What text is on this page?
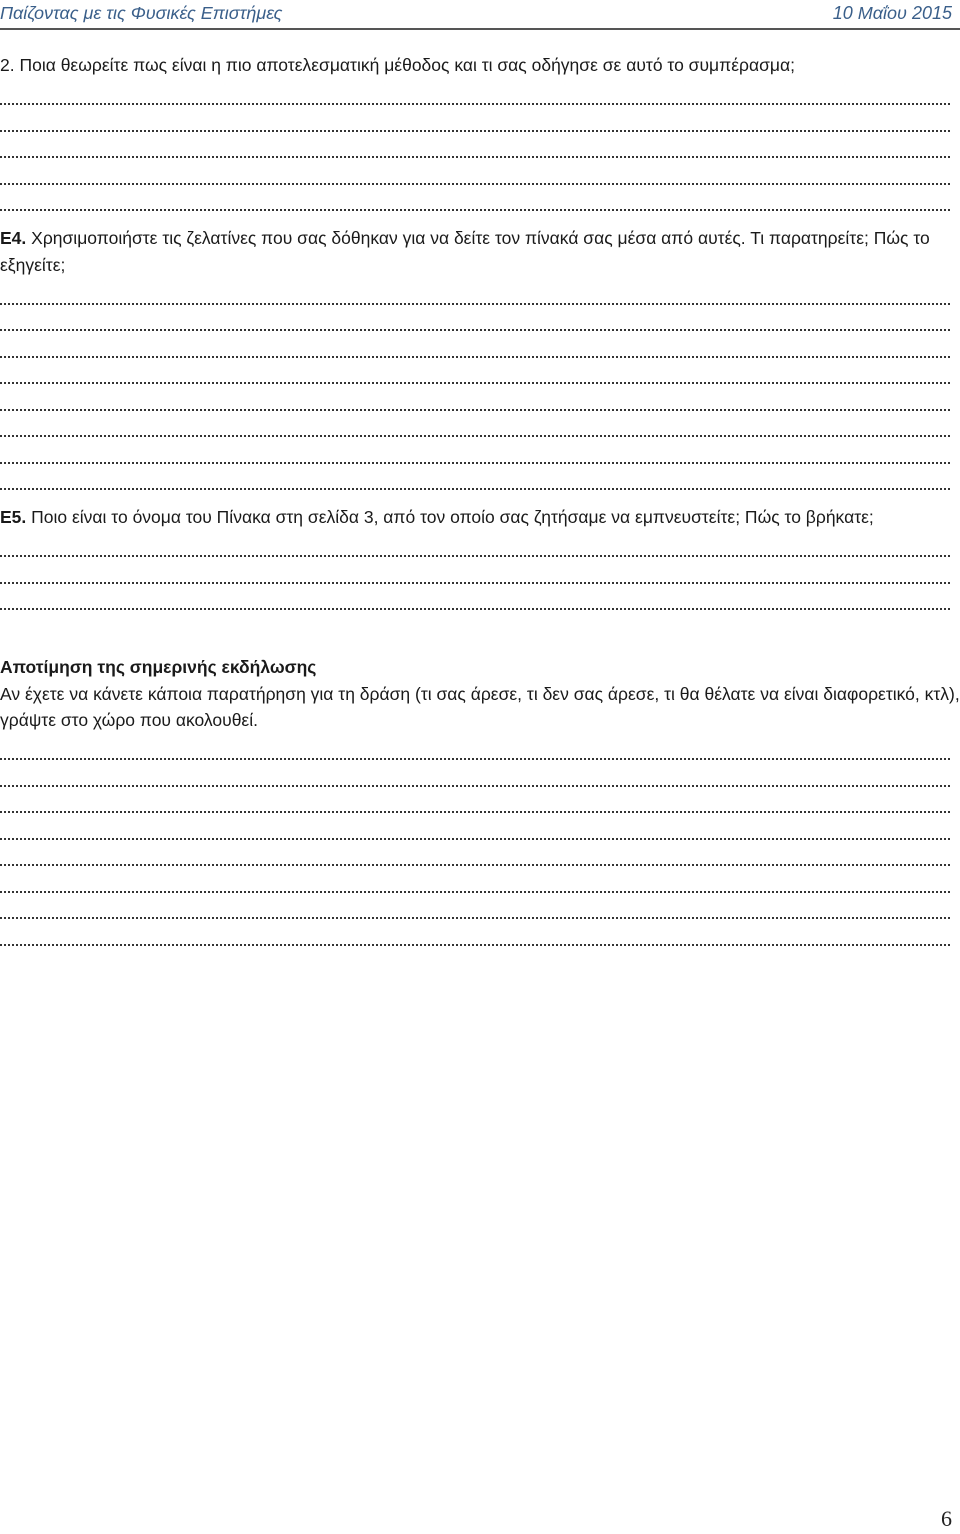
Παίζοντας με τις Φυσικές Επιστήμες	10 Μαΐου 2015

2. Ποια θεωρείτε πως είναι η πιο αποτελεσματική μέθοδος και τι σας οδήγησε σε αυτό το συμπέρασμα;

Ε4. Χρησιμοποιήστε τις ζελατίνες που σας δόθηκαν για να δείτε τον πίνακά σας μέσα από αυτές. Τι παρατηρείτε; Πώς το εξηγείτε;

Ε5. Ποιο είναι το όνομα του Πίνακα στη σελίδα 3, από τον οποίο σας ζητήσαμε να εμπνευστείτε; Πώς το βρήκατε;

Αποτίμηση της σημερινής εκδήλωσης

Αν έχετε να κάνετε κάποια παρατήρηση για τη δράση (τι σας άρεσε, τι δεν σας άρεσε, τι θα θέλατε να είναι διαφορετικό, κτλ), γράψτε στο χώρο που ακολουθεί.

6
